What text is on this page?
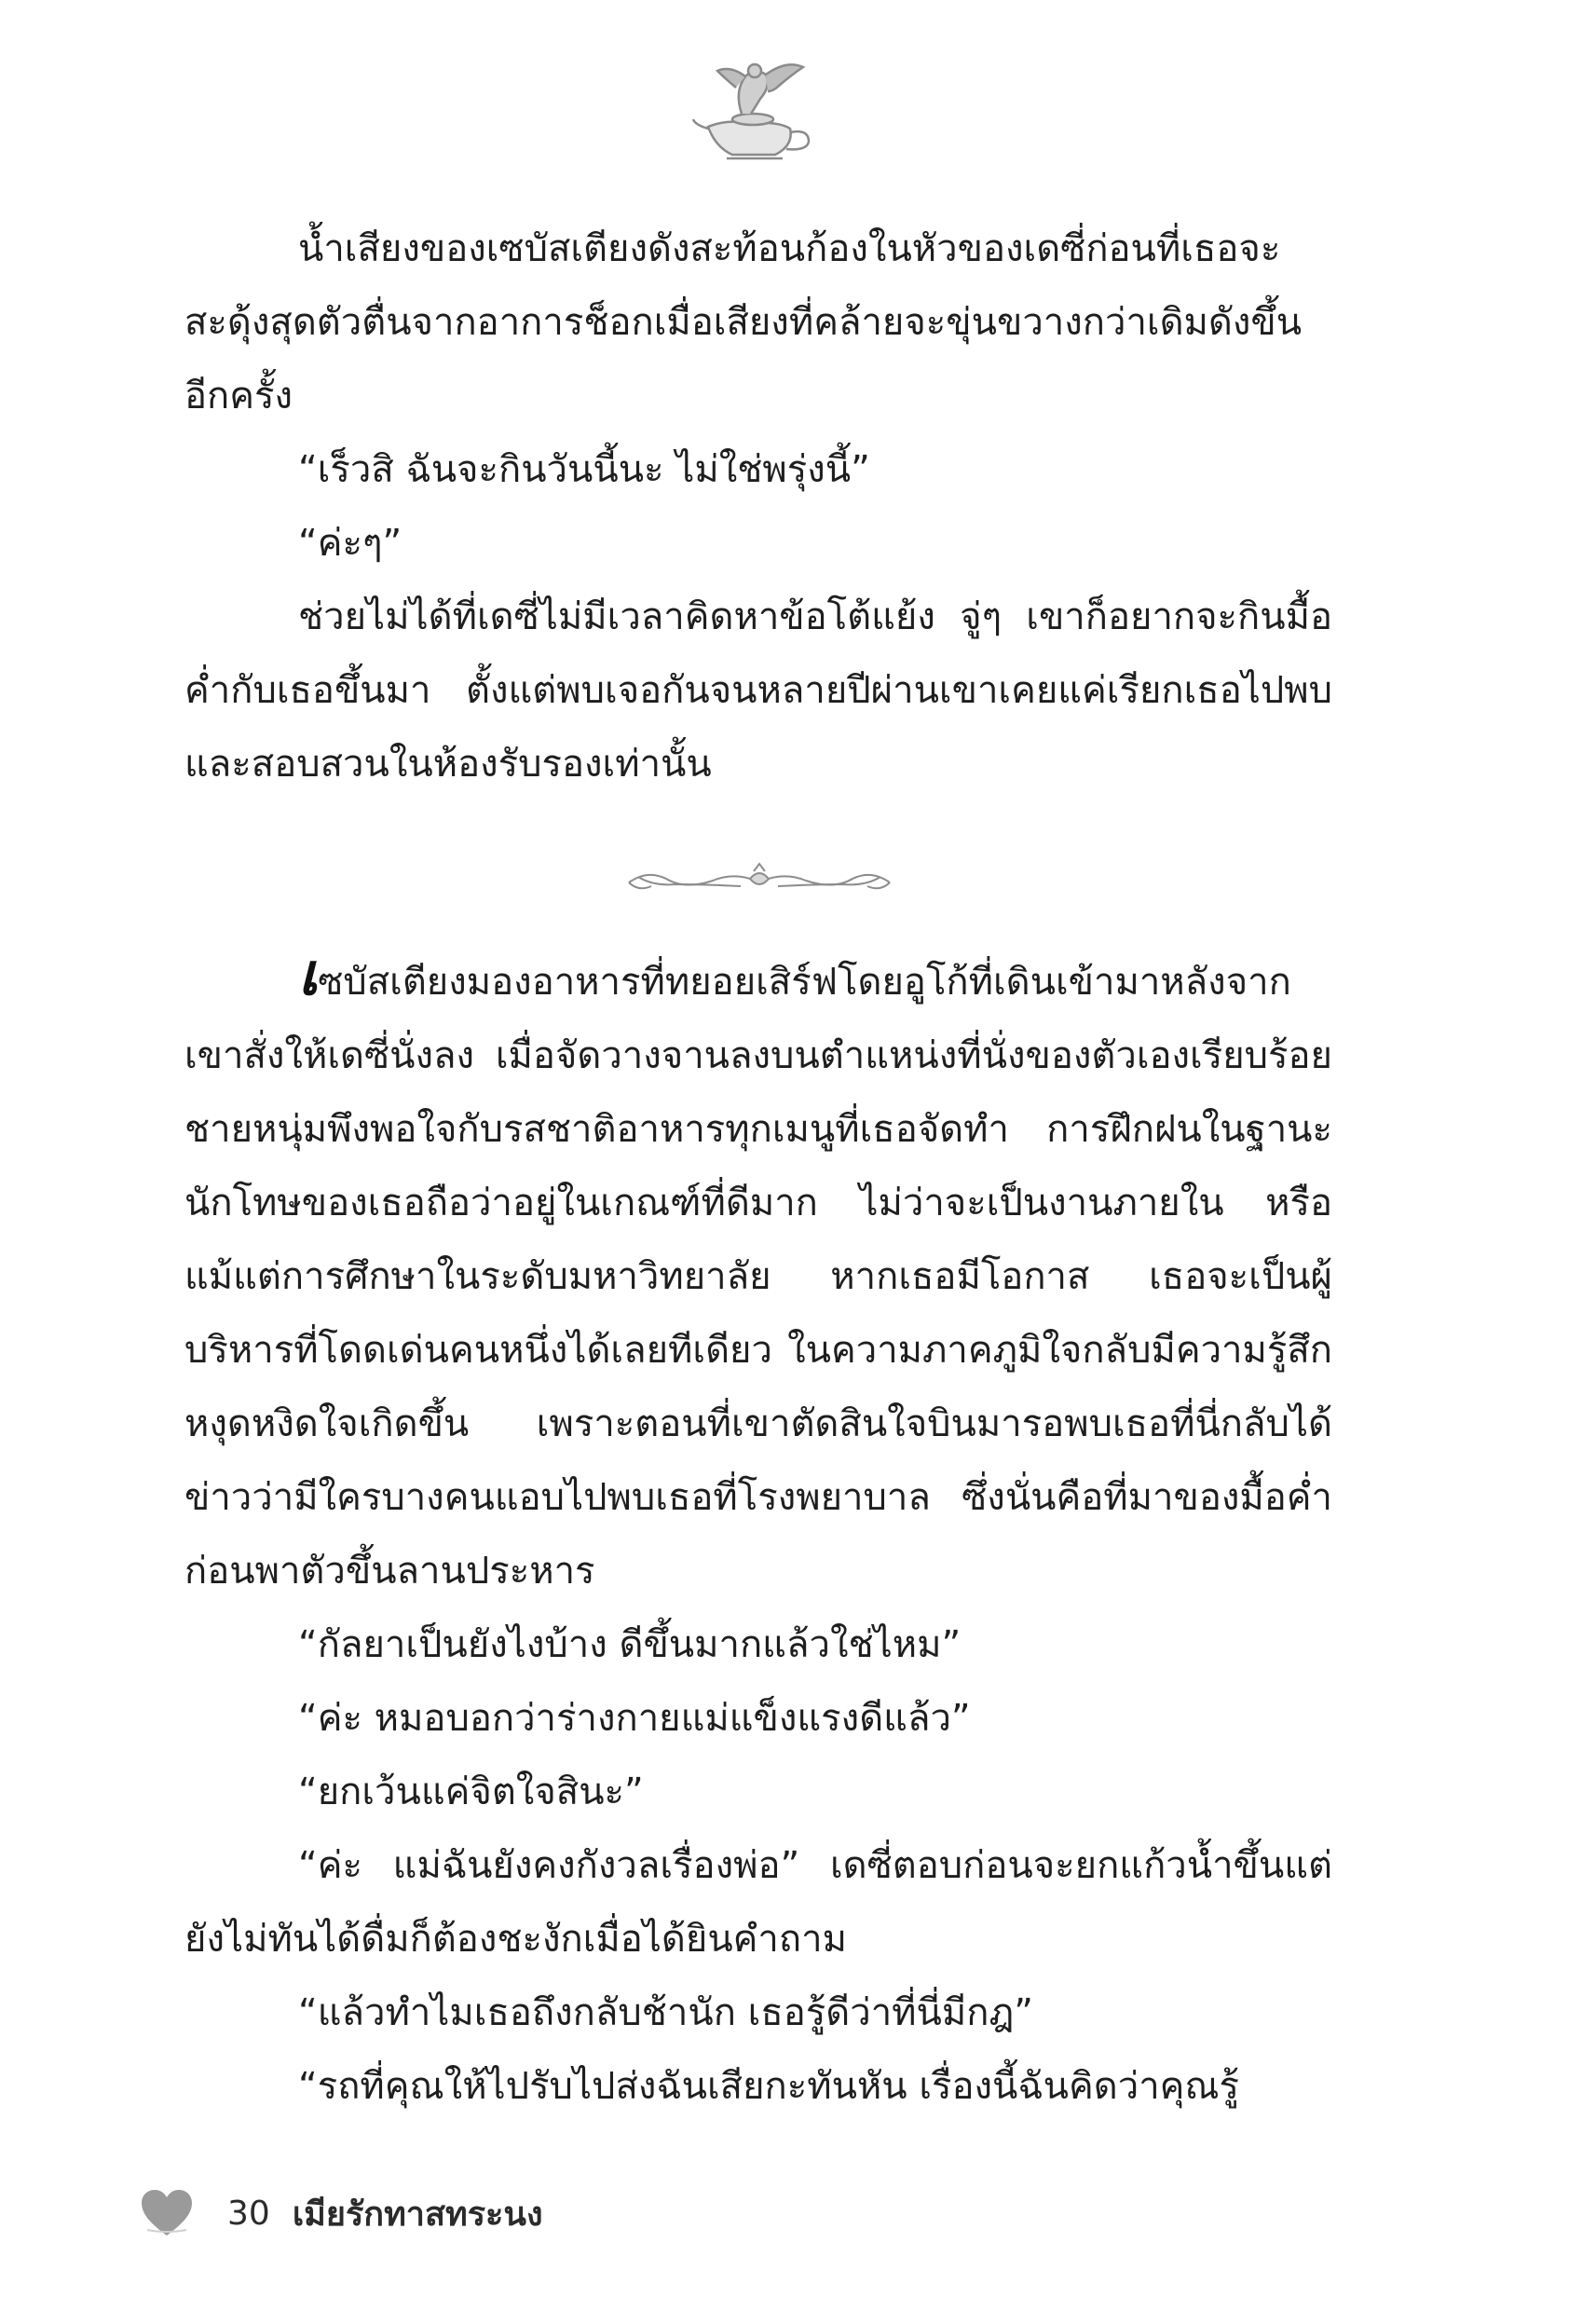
น้ำเสียงของเซบัสเตียงดังสะท้อนก้องในหัวของเดซี่ก่อนที่เธอจะสะดุ้งสุดตัวตื่นจากอาการช็อกเมื่อเสียงที่คล้ายจะขุ่นขวางกว่าเดิมดังขึ้นอีกครั้ง

“เร็วสิ ฉันจะกินวันนี้นะ ไม่ใช่พรุ่งนี้”

“ค่ะๆ”

ช่วยไม่ได้ที่เดซี่ไม่มีเวลาคิดหาข้อโต้แย้ง จู่ๆ เขาก็อยากจะกินมื้อค่ำกับเธอขึ้นมา ตั้งแต่พบเจอกันจนหลายปีผ่านเขาเคยแค่เรียกเธอไปพบและสอบสวนในห้องรับรองเท่านั้น

เซบัสเตียงมองอาหารที่ทยอยเสิร์ฟโดยอูโก้ที่เดินเข้ามาหลังจากเขาสั่งให้เดซี่นั่งลง เมื่อจัดวางจานลงบนตำแหน่งที่นั่งของตัวเองเรียบร้อย ชายหนุ่มพึงพอใจกับรสชาติอาหารทุกเมนูที่เธอจัดทำ การฝึกฝนในฐานะนักโทษของเธอถือว่าอยู่ในเกณฑ์ที่ดีมาก ไม่ว่าจะเป็นงานภายใน หรือแม้แต่การศึกษาในระดับมหาวิทยาลัย หากเธอมีโอกาส เธอจะเป็นผู้บริหารที่โดดเด่นคนหนึ่งได้เลยทีเดียว ในความภาคภูมิใจกลับมีความรู้สึกหงุดหงิดใจเกิดขึ้น เพราะตอนที่เขาตัดสินใจบินมารอพบเธอที่นี่กลับได้ข่าวว่ามีใครบางคนแอบไปพบเธอที่โรงพยาบาล ซึ่งนั่นคือที่มาของมื้อค่ำก่อนพาตัวขึ้นลานประหาร

“กัลยาเป็นยังไงบ้าง ดีขึ้นมากแล้วใช่ไหม”

“ค่ะ หมอบอกว่าร่างกายแม่แข็งแรงดีแล้ว”

“ยกเว้นแค่จิตใจสินะ”

“ค่ะ แม่ฉันยังคงกังวลเรื่องพ่อ” เดซี่ตอบก่อนจะยกแก้วน้ำขึ้นแต่ยังไม่ทันได้ดื่มก็ต้องชะงักเมื่อได้ยินคำถาม

“แล้วทำไมเธอถึงกลับช้านัก เธอรู้ดีว่าที่นี่มีกฎ”

“รถที่คุณให้ไปรับไปส่งฉันเสียกะทันหัน เรื่องนี้ฉันคิดว่าคุณรู้

30 เมียรักทาสทระนง
